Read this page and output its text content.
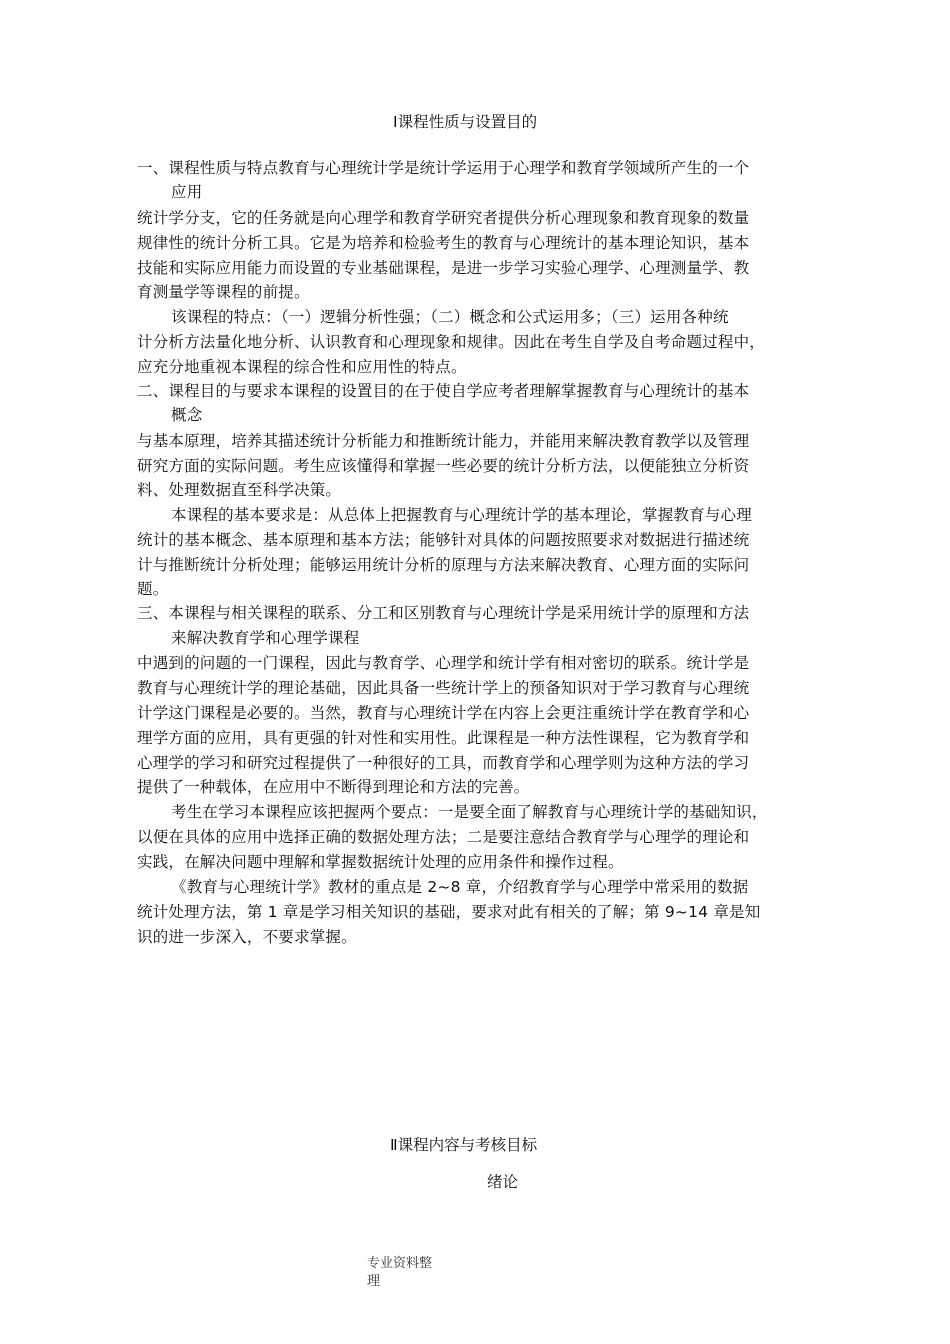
Ⅰ课程性质与设置目的
一、课程性质与特点教育与心理统计学是统计学运用于心理学和教育学领域所产生的一个
应用
统计学分支，它的任务就是向心理学和教育学研究者提供分析心理现象和教育现象的数量
规律性的统计分析工具。它是为培养和检验考生的教育与心理统计的基本理论知识，基本
技能和实际应用能力而设置的专业基础课程，是进一步学习实验心理学、心理测量学、教
育测量学等课程的前提。
该课程的特点：（一）逻辑分析性强；（二）概念和公式运用多；（三）运用各种统
计分析方法量化地分析、认识教育和心理现象和规律。因此在考生自学及自考命题过程中，
应充分地重视本课程的综合性和应用性的特点。
二、课程目的与要求本课程的设置目的在于使自学应考者理解掌握教育与心理统计的基本
概念
与基本原理，培养其描述统计分析能力和推断统计能力，并能用来解决教育教学以及管理
研究方面的实际问题。考生应该懂得和掌握一些必要的统计分析方法，以便能独立分析资
料、处理数据直至科学决策。
本课程的基本要求是：从总体上把握教育与心理统计学的基本理论，掌握教育与心理
统计的基本概念、基本原理和基本方法；能够针对具体的问题按照要求对数据进行描述统
计与推断统计分析处理；能够运用统计分析的原理与方法来解决教育、心理方面的实际问
题。
三、本课程与相关课程的联系、分工和区别教育与心理统计学是采用统计学的原理和方法
来解决教育学和心理学课程
中遇到的问题的一门课程，因此与教育学、心理学和统计学有相对密切的联系。统计学是
教育与心理统计学的理论基础，因此具备一些统计学上的预备知识对于学习教育与心理统
计学这门课程是必要的。当然，教育与心理统计学在内容上会更注重统计学在教育学和心
理学方面的应用，具有更强的针对性和实用性。此课程是一种方法性课程，它为教育学和
心理学的学习和研究过程提供了一种很好的工具，而教育学和心理学则为这种方法的学习
提供了一种载体，在应用中不断得到理论和方法的完善。
考生在学习本课程应该把握两个要点：一是要全面了解教育与心理统计学的基础知识，
以便在具体的应用中选择正确的数据处理方法；二是要注意结合教育学与心理学的理论和
实践，在解决问题中理解和掌握数据统计处理的应用条件和操作过程。
《教育与心理统计学》教材的重点是 2~8 章，介绍教育学与心理学中常采用的数据
统计处理方法，第 1 章是学习相关知识的基础，要求对此有相关的了解；第 9~14 章是知
识的进一步深入，不要求掌握。
Ⅱ课程内容与考核目标
绪论
专业资料整
理
